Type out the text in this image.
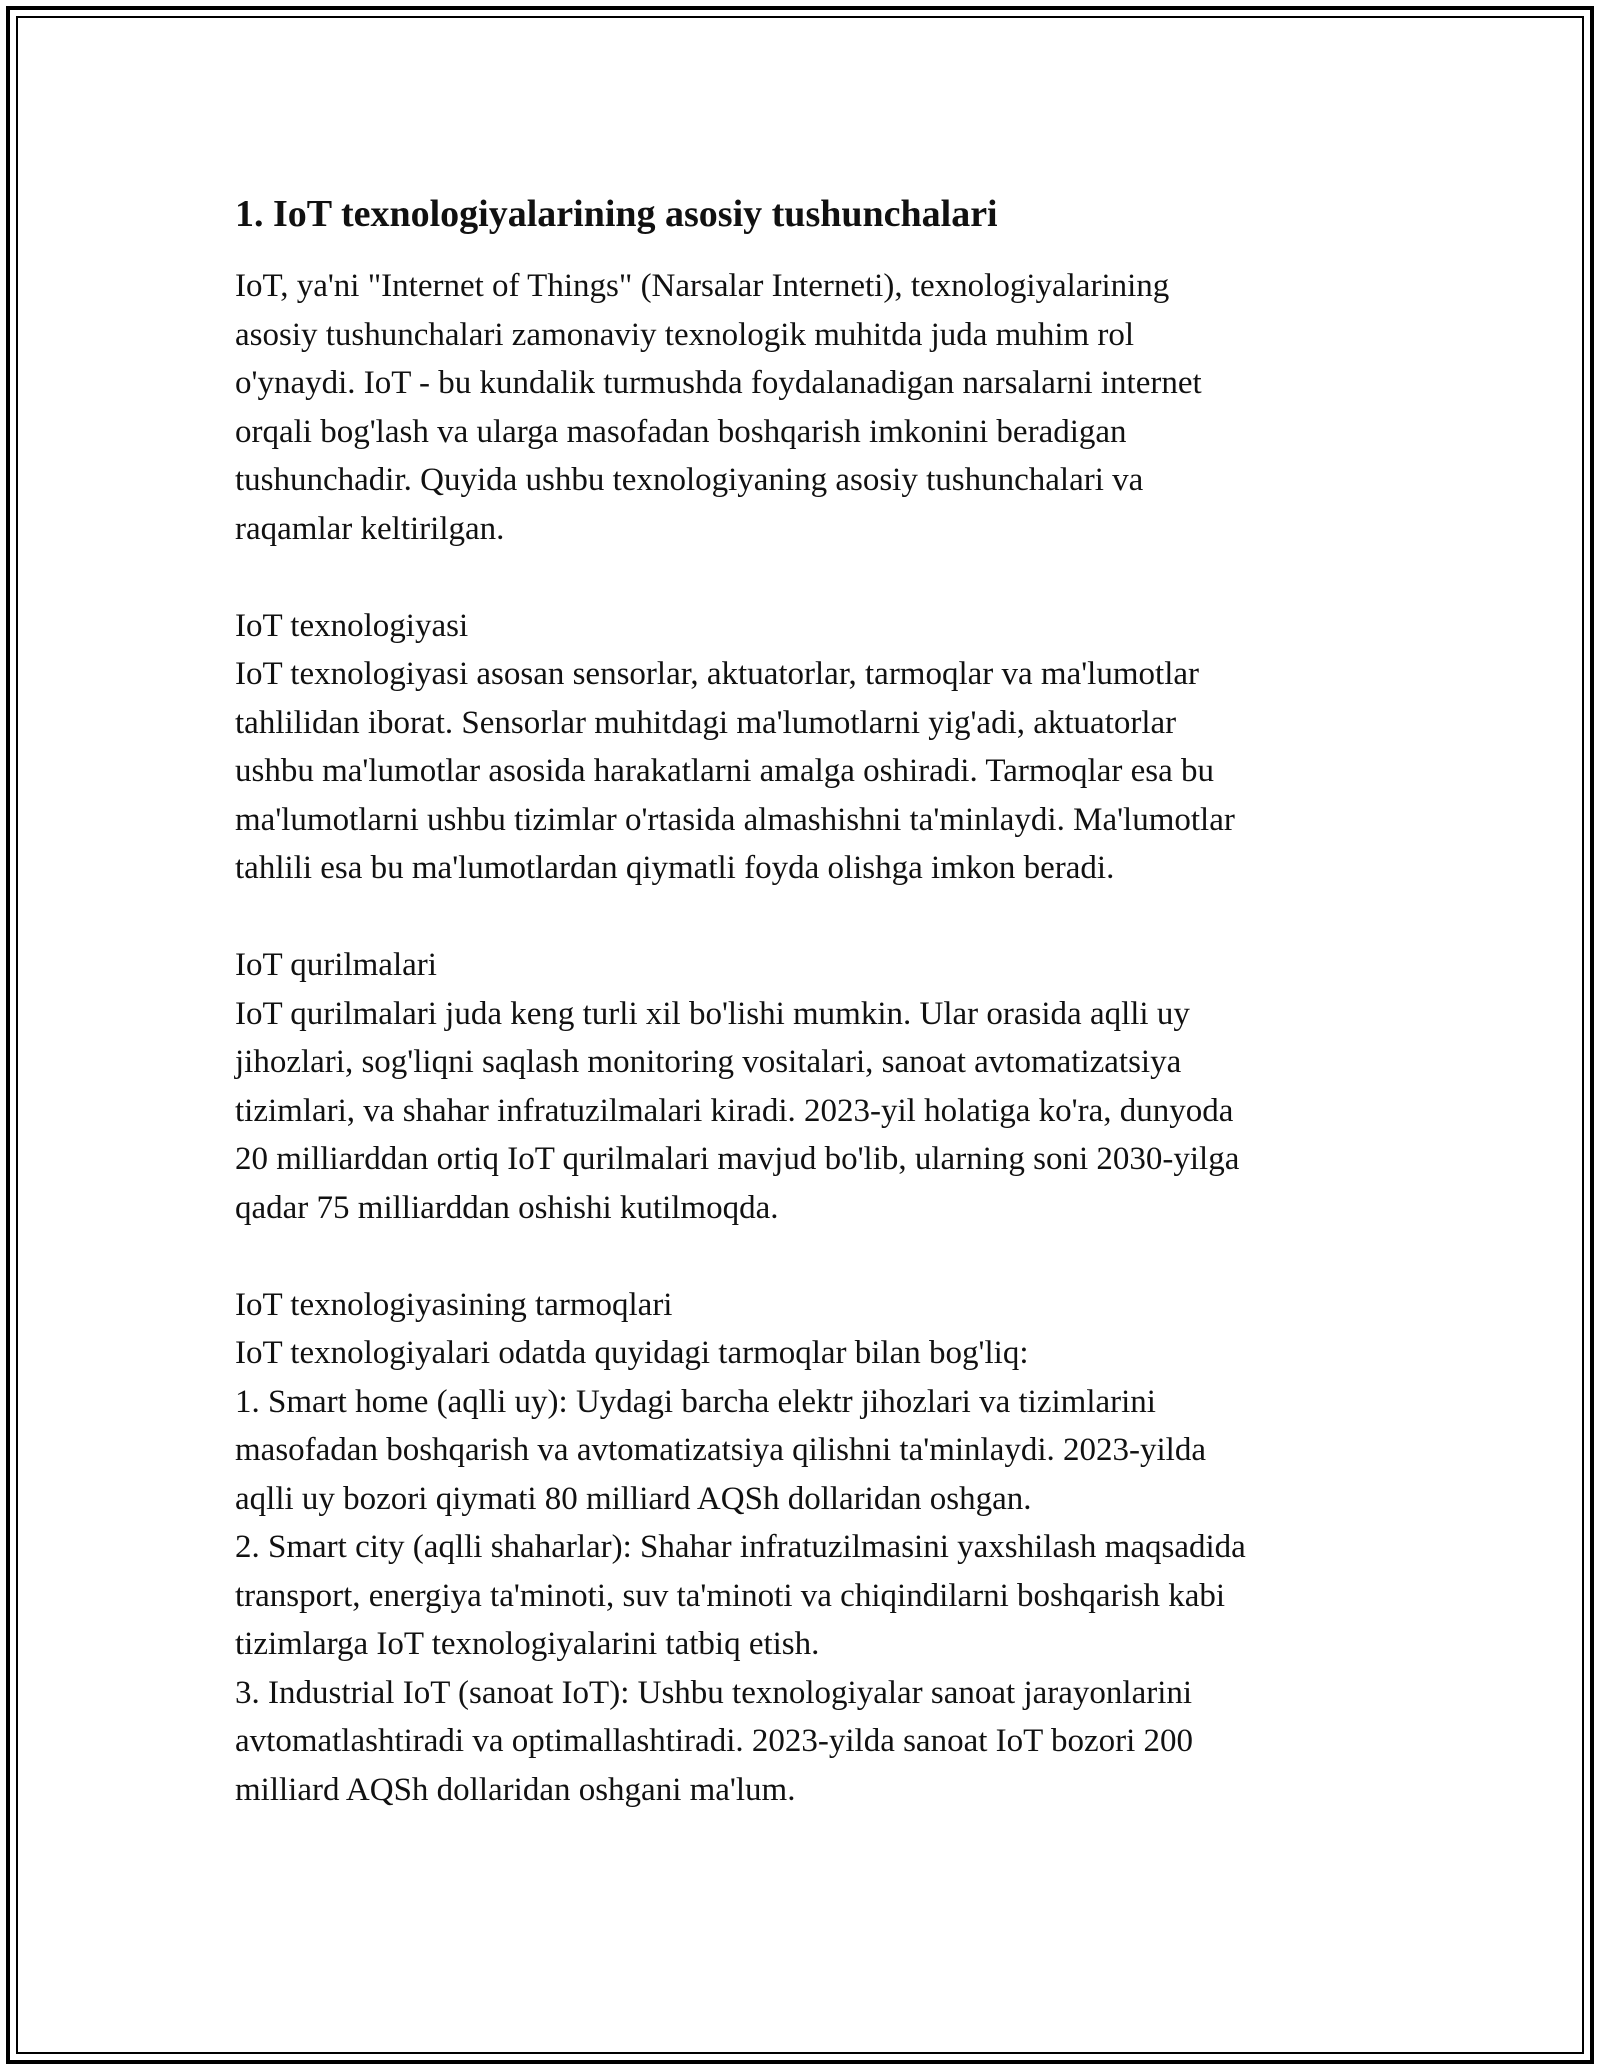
1. IoT texnologiyalarining asosiy tushunchalari

IoT, ya'ni "Internet of Things" (Narsalar Interneti), texnologiyalarining

asosiy tushunchalari zamonaviy texnologik muhitda juda muhim rol

o'ynaydi. IoT - bu kundalik turmushda foydalanadigan narsalarni internet

orqali bog'lash va ularga masofadan boshqarish imkonini beradigan

tushunchadir. Quyida ushbu texnologiyaning asosiy tushunchalari va

raqamlar keltirilgan.

IoT texnologiyasi

IoT texnologiyasi asosan sensorlar, aktuatorlar, tarmoqlar va ma'lumotlar

tahlilidan iborat. Sensorlar muhitdagi ma'lumotlarni yig'adi, aktuatorlar

ushbu ma'lumotlar asosida harakatlarni amalga oshiradi. Tarmoqlar esa bu

ma'lumotlarni ushbu tizimlar o'rtasida almashishni ta'minlaydi. Ma'lumotlar

tahlili esa bu ma'lumotlardan qiymatli foyda olishga imkon beradi.

IoT qurilmalari

IoT qurilmalari juda keng turli xil bo'lishi mumkin. Ular orasida aqlli uy

jihozlari, sog'liqni saqlash monitoring vositalari, sanoat avtomatizatsiya

tizimlari, va shahar infratuzilmalari kiradi. 2023-yil holatiga ko'ra, dunyoda

20 milliarddan ortiq IoT qurilmalari mavjud bo'lib, ularning soni 2030-yilga

qadar 75 milliarddan oshishi kutilmoqda.

IoT texnologiyasining tarmoqlari

IoT texnologiyalari odatda quyidagi tarmoqlar bilan bog'liq:

1. Smart home (aqlli uy): Uydagi barcha elektr jihozlari va tizimlarini

masofadan boshqarish va avtomatizatsiya qilishni ta'minlaydi. 2023-yilda

aqlli uy bozori qiymati 80 milliard AQSh dollaridan oshgan.

2. Smart city (aqlli shaharlar): Shahar infratuzilmasini yaxshilash maqsadida

transport, energiya ta'minoti, suv ta'minoti va chiqindilarni boshqarish kabi

tizimlarga IoT texnologiyalarini tatbiq etish.

3. Industrial IoT (sanoat IoT): Ushbu texnologiyalar sanoat jarayonlarini

avtomatlashtiradi va optimallashtiradi. 2023-yilda sanoat IoT bozori 200

milliard AQSh dollaridan oshgani ma'lum.
